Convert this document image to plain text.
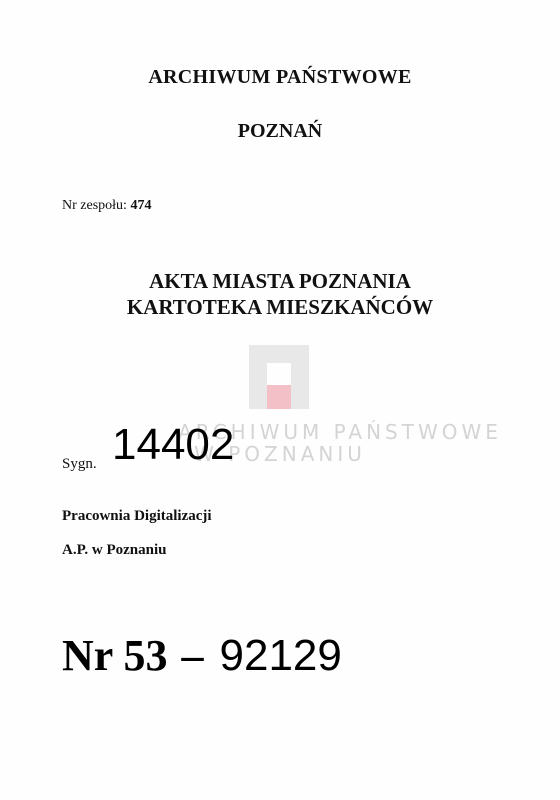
ARCHIWUM PAŃSTWOWE
POZNAŃ
Nr zespołu: 474
AKTA MIASTA POZNANIA
KARTOTEKA MIESZKAŃCÓW
ARCHIWUM PAŃSTWOWE
W POZNANIU
Sygn. 14402
Pracownia Digitalizacji
A.P. w Poznaniu
Nr 53 – 92129
